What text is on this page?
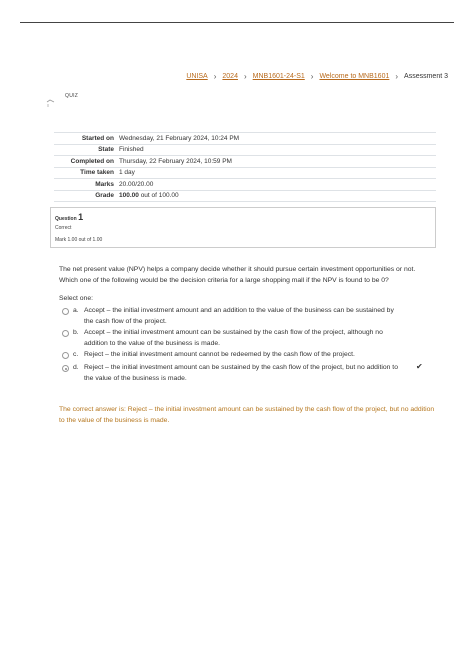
UNISA › 2024 › MNB1601-24-S1 › Welcome to MNB1601 › Assessment 3
QUIZ
Started on	Wednesday, 21 February 2024, 10:24 PM
State	Finished
Completed on	Thursday, 22 February 2024, 10:59 PM
Time taken	1 day
Marks	20.00/20.00
Grade	100.00 out of 100.00
Question 1
Correct
Mark 1.00 out of 1.00
The net present value (NPV) helps a company decide whether it should pursue certain investment opportunities or not. Which one of the following would be the decision criteria for a large shopping mall if the NPV is found to be 0?
Select one:
a. Accept – the initial investment amount and an addition to the value of the business can be sustained by the cash flow of the project.
b. Accept – the initial investment amount can be sustained by the cash flow of the project, although no addition to the value of the business is made.
c. Reject – the initial investment amount cannot be redeemed by the cash flow of the project.
d. Reject – the initial investment amount can be sustained by the cash flow of the project, but no addition to the value of the business is made.
✔
The correct answer is: Reject – the initial investment amount can be sustained by the cash flow of the project, but no addition to the value of the business is made.
